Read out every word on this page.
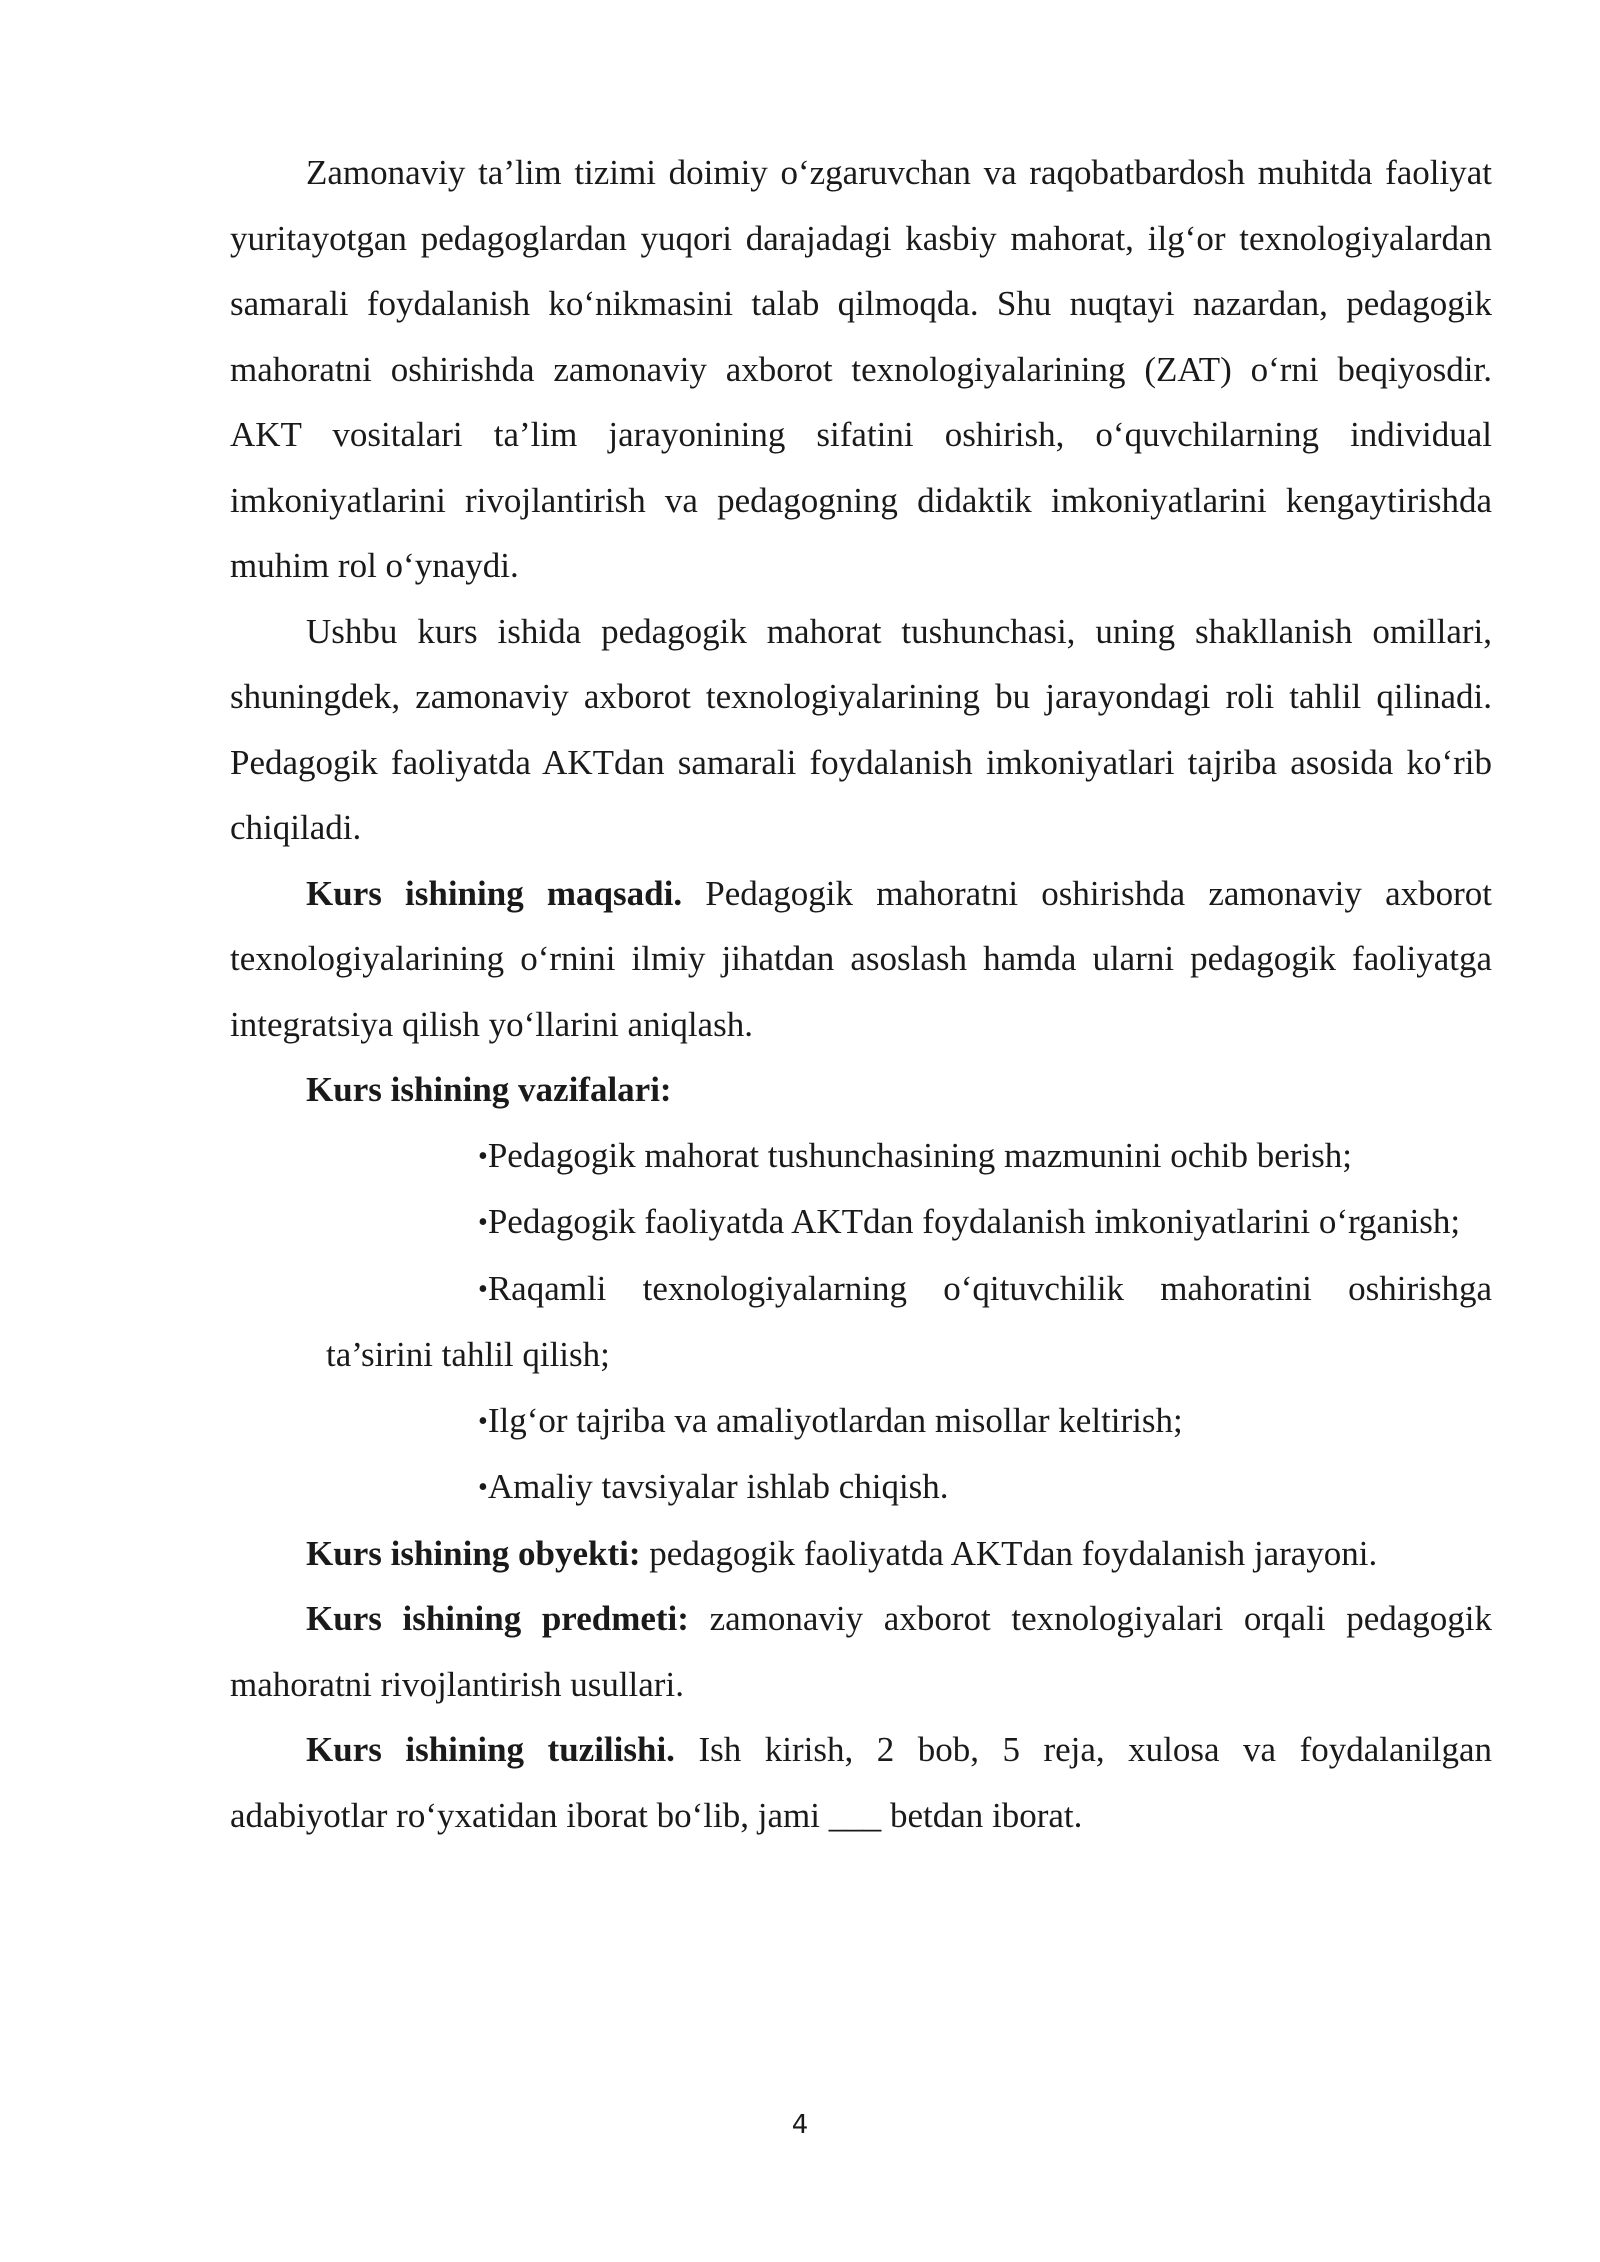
Zamonaviy ta’lim tizimi doimiy o‘zgaruvchan va raqobatbardosh muhitda faoliyat yuritayotgan pedagoglardan yuqori darajadagi kasbiy mahorat, ilg‘or texnologiyalardan samarali foydalanish ko‘nikmasini talab qilmoqda. Shu nuqtayi nazardan, pedagogik mahoratni oshirishda zamonaviy axborot texnologiyalarining (ZAT) o‘rni beqiyosdir. AKT vositalari ta’lim jarayonining sifatini oshirish, o‘quvchilarning individual imkoniyatlarini rivojlantirish va pedagogning didaktik imkoniyatlarini kengaytirishda muhim rol o‘ynaydi.

Ushbu kurs ishida pedagogik mahorat tushunchasi, uning shakllanish omillari, shuningdek, zamonaviy axborot texnologiyalarining bu jarayondagi roli tahlil qilinadi. Pedagogik faoliyatda AKTdan samarali foydalanish imkoniyatlari tajriba asosida ko‘rib chiqiladi.

Kurs ishining maqsadi. Pedagogik mahoratni oshirishda zamonaviy axborot texnologiyalarining o‘rnini ilmiy jihatdan asoslash hamda ularni pedagogik faoliyatga integratsiya qilish yo‘llarini aniqlash.

Kurs ishining vazifalari:

•Pedagogik mahorat tushunchasining mazmunini ochib berish;
•Pedagogik faoliyatda AKTdan foydalanish imkoniyatlarini o‘rganish;
•Raqamli texnologiyalarning o‘qituvchilik mahoratini oshirishga ta’sirini tahlil qilish;
•Ilg‘or tajriba va amaliyotlardan misollar keltirish;
•Amaliy tavsiyalar ishlab chiqish.

Kurs ishining obyekti: pedagogik faoliyatda AKTdan foydalanish jarayoni.

Kurs ishining predmeti: zamonaviy axborot texnologiyalari orqali pedagogik mahoratni rivojlantirish usullari.

Kurs ishining tuzilishi. Ish kirish, 2 bob, 5 reja, xulosa va foydalanilgan adabiyotlar ro‘yxatidan iborat bo‘lib, jami ___ betdan iborat.

4
